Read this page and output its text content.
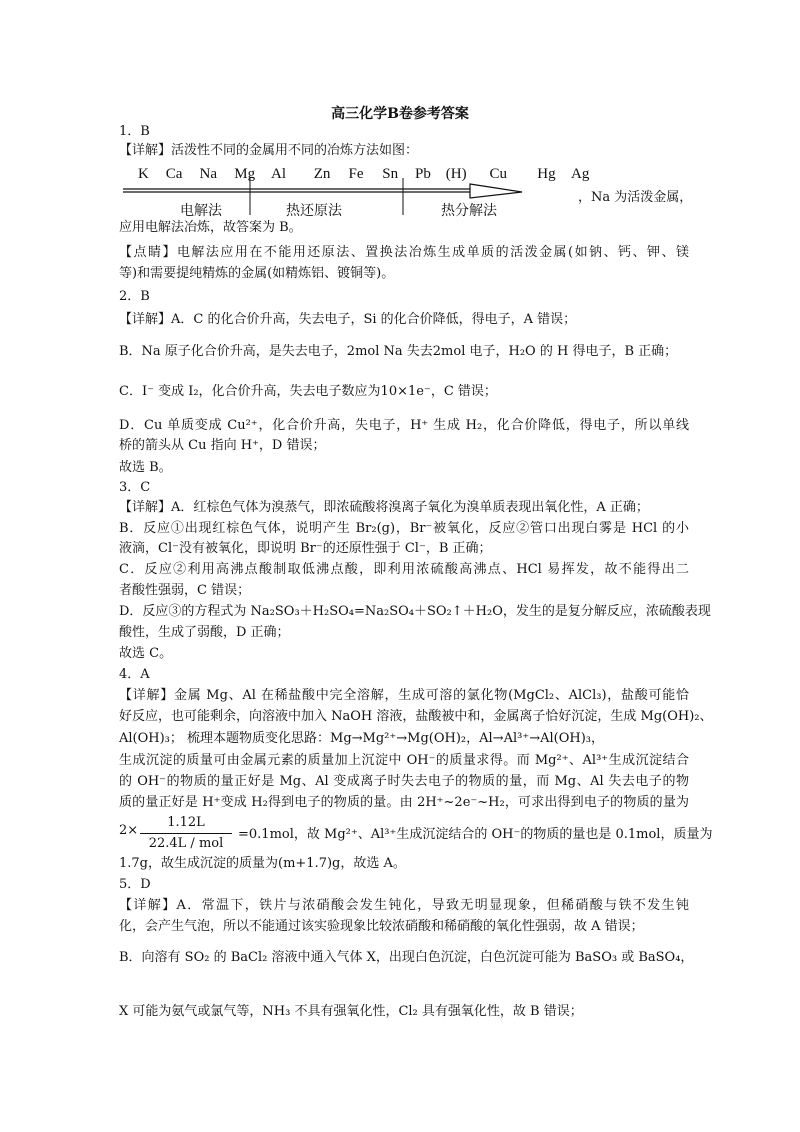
高三化学B卷参考答案
1．B
【详解】活泼性不同的金属用不同的冶炼方法如图：
K Ca Na Mg Al Zn Fe Sn Pb (H) Cu Hg Ag
电解法	热还原法	热分解法
，Na 为活泼金属，
应用电解法冶炼，故答案为 B。
【点睛】电解法应用在不能用还原法、置换法冶炼生成单质的活泼金属(如钠、钙、钾、镁
等)和需要提纯精炼的金属(如精炼铝、镀铜等)。
2．B
【详解】A．C 的化合价升高，失去电子，Si 的化合价降低，得电子，A 错误；
B．Na 原子化合价升高，是失去电子，2mol Na 失去2mol 电子，H₂O 的 H 得电子，B 正确；
C．I⁻ 变成 I₂，化合价升高，失去电子数应为10×1e⁻，C 错误；
D．Cu 单质变成 Cu²⁺，化合价升高，失电子，H⁺ 生成 H₂，化合价降低，得电子，所以单线
桥的箭头从 Cu 指向 H⁺，D 错误；
故选 B。
3．C
【详解】A．红棕色气体为溴蒸气，即浓硫酸将溴离子氧化为溴单质表现出氧化性，A 正确；
B．反应①出现红棕色气体，说明产生 Br₂(g)，Br⁻被氧化，反应②管口出现白雾是 HCl 的小
液滴，Cl⁻没有被氧化，即说明 Br⁻的还原性强于 Cl⁻，B 正确；
C．反应②利用高沸点酸制取低沸点酸，即利用浓硫酸高沸点、HCl 易挥发，故不能得出二
者酸性强弱，C 错误；
D．反应③的方程式为 Na₂SO₃＋H₂SO₄=Na₂SO₄＋SO₂↑＋H₂O，发生的是复分解反应，浓硫酸表现
酸性，生成了弱酸，D 正确；
故选 C。
4．A
【详解】金属 Mg、Al 在稀盐酸中完全溶解，生成可溶的氯化物(MgCl₂、AlCl₃)，盐酸可能恰
好反应，也可能剩余，向溶液中加入 NaOH 溶液，盐酸被中和，金属离子恰好沉淀，生成 Mg(OH)₂、
Al(OH)₃； 梳理本题物质变化思路：Mg→Mg²⁺→Mg(OH)₂，Al→Al³⁺→Al(OH)₃，
生成沉淀的质量可由金属元素的质量加上沉淀中 OH⁻的质量求得。而 Mg²⁺、Al³⁺生成沉淀结合
的 OH⁻的物质的量正好是 Mg、Al 变成离子时失去电子的物质的量，而 Mg、Al 失去电子的物
质的量正好是 H⁺变成 H₂得到电子的物质的量。由 2H⁺~2e⁻~H₂，可求出得到电子的物质的量为
2×
1.12L
22.4L / mol
=0.1mol，故 Mg²⁺、Al³⁺生成沉淀结合的 OH⁻的物质的量也是 0.1mol，质量为
1.7g，故生成沉淀的质量为(m+1.7)g，故选 A。
5．D
【详解】A．常温下，铁片与浓硝酸会发生钝化，导致无明显现象，但稀硝酸与铁不发生钝
化，会产生气泡，所以不能通过该实验现象比较浓硝酸和稀硝酸的氧化性强弱，故 A 错误；
B．向溶有 SO₂ 的 BaCl₂ 溶液中通入气体 X，出现白色沉淀，白色沉淀可能为 BaSO₃ 或 BaSO₄，
X 可能为氨气或氯气等，NH₃ 不具有强氧化性，Cl₂ 具有强氧化性，故 B 错误；
